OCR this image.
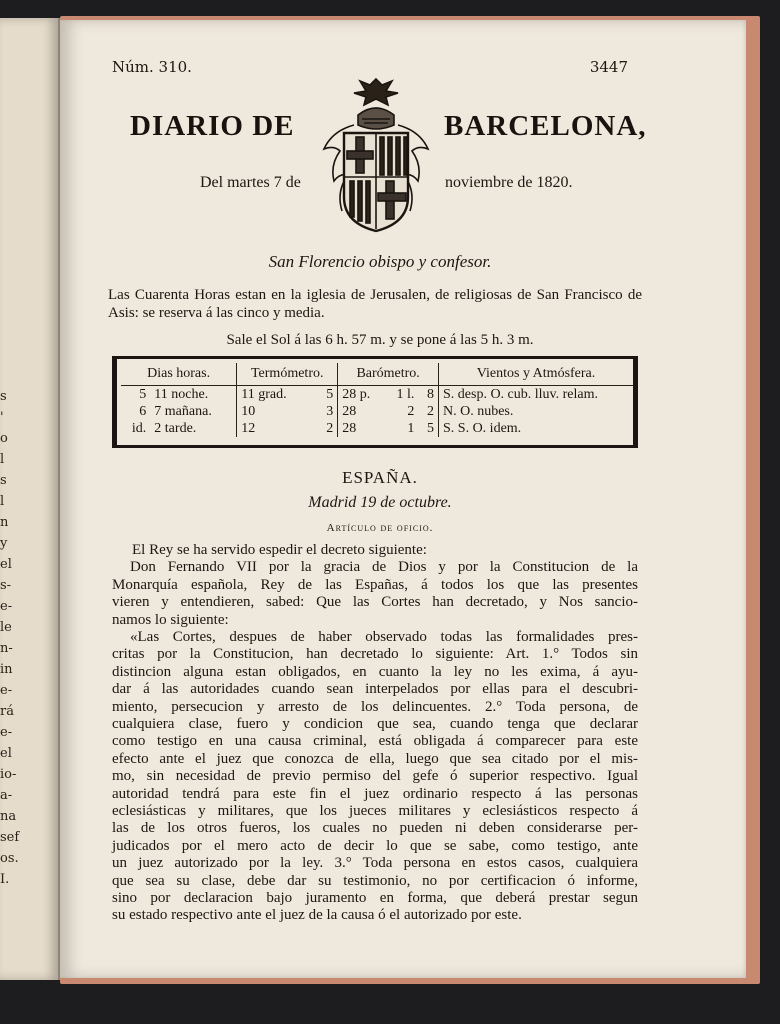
s
'
o
l
s
l
n
y
el
s-
e-
le
n-
in
e-
rá
e-
el
io-
a-
na
sef
os.
I.
Núm. 310.	3447
DIARIO DE	BARCELONA,
Del martes 7 de	noviembre de 1820.
San Florencio obispo y confesor.
Las Cuarenta Horas estan en la iglesia de Jerusalen, de religiosas de San Francisco de Asis: se reserva á las cinco y media.
Sale el Sol á las 6 h. 57 m. y se pone á las 5 h. 3 m.
Dias horas.		Termómetro.		Barómetro.			Vientos y Atmósfera.
5	11 noche.	11 grad.	5	28 p.	1 l.	8	S. desp. O. cub. lluv. relam.
6	7 mañana.	10	3	28	2	2	N. O. nubes.
id.	2 tarde.	12	2	28	1	5	S. S. O. idem.
ESPAÑA.
Madrid 19 de octubre.
Artículo de oficio.
El Rey se ha servido espedir el decreto siguiente:
Don Fernando VII por la gracia de Dios y por la Constitucion de la
Monarquía española, Rey de las Españas, á todos los que las presentes
vieren y entendieren, sabed: Que las Cortes han decretado, y Nos sancio-
namos lo siguiente:
«Las Cortes, despues de haber observado todas las formalidades pres-
critas por la Constitucion, han decretado lo siguiente: Art. 1.° Todos sin
distincion alguna estan obligados, en cuanto la ley no les exima, á ayu-
dar á las autoridades cuando sean interpelados por ellas para el descubri-
miento, persecucion y arresto de los delincuentes. 2.° Toda persona, de
cualquiera clase, fuero y condicion que sea, cuando tenga que declarar
como testigo en una causa criminal, está obligada á comparecer para este
efecto ante el juez que conozca de ella, luego que sea citado por el mis-
mo, sin necesidad de previo permiso del gefe ó superior respectivo. Igual
autoridad tendrá para este fin el juez ordinario respecto á las personas
eclesiásticas y militares, que los jueces militares y eclesiásticos respecto á
las de los otros fueros, los cuales no pueden ni deben considerarse per-
judicados por el mero acto de decir lo que se sabe, como testigo, ante
un juez autorizado por la ley. 3.° Toda persona en estos casos, cualquiera
que sea su clase, debe dar su testimonio, no por certificacion ó informe,
sino por declaracion bajo juramento en forma, que deberá prestar segun
su estado respectivo ante el juez de la causa ó el autorizado por este.
